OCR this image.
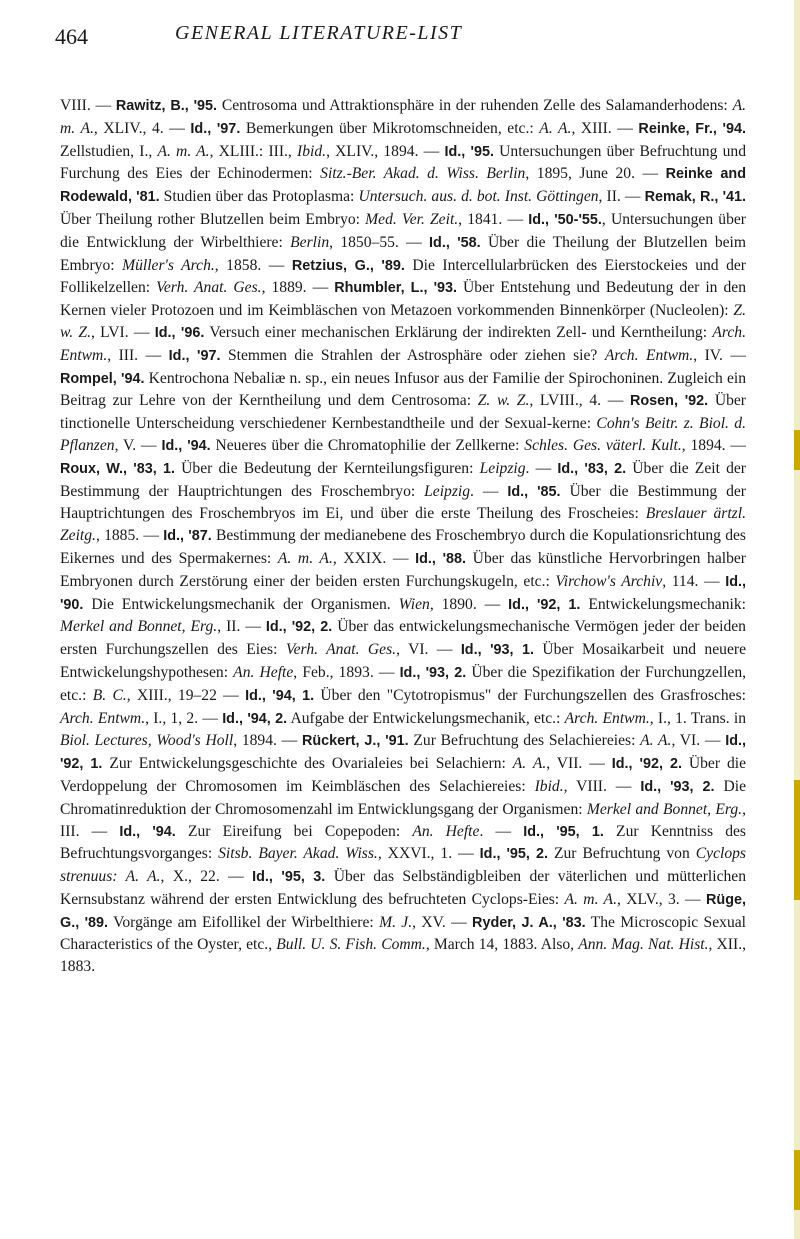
464	GENERAL LITERATURE-LIST
VIII. — Rawitz, B., '95. Centrosoma und Attraktionsphäre in der ruhenden Zelle des Salamanderhodens: A. m. A., XLIV., 4. — Id., '97. Bemerkungen über Mikrotomschneiden, etc.: A. A., XIII. — Reinke, Fr., '94. Zellstudien, I., A. m. A., XLIII.: III., Ibid., XLIV., 1894. — Id., '95. Untersuchungen über Befruchtung und Furchung des Eies der Echinodermen: Sitz.-Ber. Akad. d. Wiss. Berlin, 1895, June 20. — Reinke and Rodewald, '81. Studien über das Protoplasma: Untersuch. aus. d. bot. Inst. Göttingen, II. — Remak, R., '41. Über Theilung rother Blutzellen beim Embryo: Med. Ver. Zeit., 1841. — Id., '50-'55., Untersuchungen über die Entwicklung der Wirbelthiere: Berlin, 1850–55. — Id., '58. Über die Theilung der Blutzellen beim Embryo: Müller's Arch., 1858. — Retzius, G., '89. Die Intercellularbrücken des Eierstockeies und der Follikelzellen: Verh. Anat. Ges., 1889. — Rhumbler, L., '93. Über Entstehung und Bedeutung der in den Kernen vieler Protozoen und im Keimbläschen von Metazoen vorkommenden Binnenkörper (Nucleolen): Z. w. Z., LVI. — Id., '96. Versuch einer mechanischen Erklärung der indirekten Zell- und Kerntheilung: Arch. Entwm., III. — Id., '97. Stemmen die Strahlen der Astrosphäre oder ziehen sie? Arch. Entwm., IV. — Rompel, '94. Kentrochona Nebaliæ n. sp., ein neues Infusor aus der Familie der Spirochoninen. Zugleich ein Beitrag zur Lehre von der Kerntheilung und dem Centrosoma: Z. w. Z., LVIII., 4. — Rosen, '92. Über tinctionelle Unterscheidung verschiedener Kernbestandtheile und der Sexual-kerne: Cohn's Beitr. z. Biol. d. Pflanzen, V. — Id., '94. Neueres über die Chromatophilie der Zellkerne: Schles. Ges. väterl. Kult., 1894. — Roux, W., '83, 1. Über die Bedeutung der Kernteilungsfiguren: Leipzig. — Id., '83, 2. Über die Zeit der Bestimmung der Hauptrichtungen des Froschembryo: Leipzig. — Id., '85. Über die Bestimmung der Hauptrichtungen des Froschembryos im Ei, und über die erste Theilung des Froscheies: Breslauer ärtzl. Zeitg., 1885. — Id., '87. Bestimmung der medianebene des Froschembryo durch die Kopulationsrichtung des Eikernes und des Spermakernes: A. m. A., XXIX. — Id., '88. Über das künstliche Hervorbringen halber Embryonen durch Zerstörung einer der beiden ersten Furchungskugeln, etc.: Virchow's Archiv, 114. — Id., '90. Die Entwickelungsmechanik der Organismen. Wien, 1890. — Id., '92, 1. Entwickelungsmechanik: Merkel and Bonnet, Erg., II. — Id., '92, 2. Über das entwickelungsmechanische Vermögen jeder der beiden ersten Furchungszellen des Eies: Verh. Anat. Ges., VI. — Id., '93, 1. Über Mosaikarbeit und neuere Entwickelungshypothesen: An. Hefte, Feb., 1893. — Id., '93, 2. Über die Spezifikation der Furchungzellen, etc.: B. C., XIII., 19–22 — Id., '94, 1. Über den "Cytotropismus" der Furchungszellen des Grasfrosches: Arch. Entwm., I., 1, 2. — Id., '94, 2. Aufgabe der Entwickelungsmechanik, etc.: Arch. Entwm., I., 1. Trans. in Biol. Lectures, Wood's Holl, 1894. — Rückert, J., '91. Zur Befruchtung des Selachiereies: A. A., VI. — Id., '92, 1. Zur Entwickelungsgeschichte des Ovarialeies bei Selachiern: A. A., VII. — Id., '92, 2. Über die Verdoppelung der Chromosomen im Keimbläschen des Selachiereies: Ibid., VIII. — Id., '93, 2. Die Chromatinreduktion der Chromosomenzahl im Entwicklungsgang der Organismen: Merkel and Bonnet, Erg., III. — Id., '94. Zur Eireifung bei Copepoden: An. Hefte. — Id., '95, 1. Zur Kenntniss des Befruchtungsvorganges: Sitsb. Bayer. Akad. Wiss., XXVI., 1. — Id., '95, 2. Zur Befruchtung von Cyclops strenuus: A. A., X., 22. — Id., '95, 3. Über das Selbständigbleiben der väterlichen und mütterlichen Kernsubstanz während der ersten Entwicklung des befruchteten Cyclops-Eies: A. m. A., XLV., 3. — Rüge, G., '89. Vorgänge am Eifollikel der Wirbelthiere: M. J., XV. — Ryder, J. A., '83. The Microscopic Sexual Characteristics of the Oyster, etc., Bull. U. S. Fish. Comm., March 14, 1883. Also, Ann. Mag. Nat. Hist., XII., 1883.
